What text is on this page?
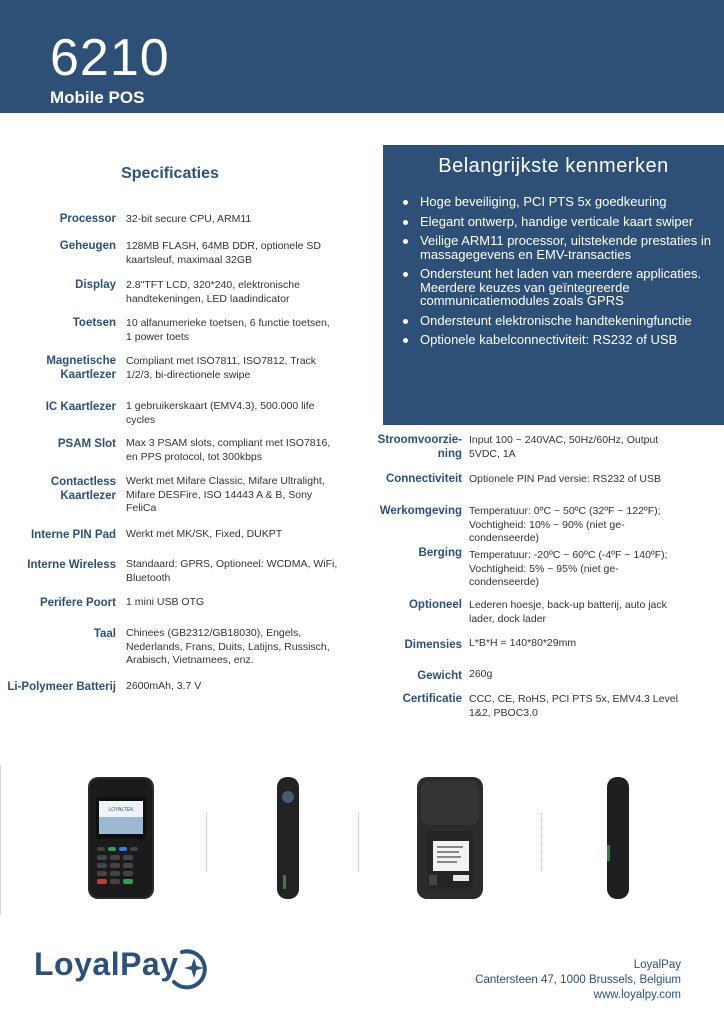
6210
Mobile POS
Specificaties
Processor 32-bit secure CPU, ARM11
Geheugen 128MB FLASH, 64MB DDR, optionele SD kaartsleuf, maximaal 32GB
Display 2.8"TFT LCD, 320*240, elektronische handtekeningen, LED laadindicator
Toetsen 10 alfanumerieke toetsen, 6 functie toetsen, 1 power toets
Magnetische Kaartlezer
Compliant met ISO7811, ISO7812, Track 1/2/3, bi-directionele swipe
IC Kaartlezer 1 gebruikerskaart (EMV4.3), 500.000 life cycles
PSAM Slot Max 3 PSAM slots, compliant met ISO7816, en PPS protocol, tot 300kbps
Contactless Kaartlezer
Werkt met Mifare Classic, Mifare Ultralight, Mifare DESFire, ISO 14443 A & B, Sony FeliCa
Interne PIN Pad Werkt met MK/SK, Fixed, DUKPT
Interne Wireless Standaard: GPRS, Optioneel: WCDMA, WiFi, Bluetooth
Perifere Poort 1 mini USB OTG
Taal Chinees (GB2312/GB18030), Engels, Nederlands, Frans, Duits, Latijns, Russisch, Arabisch, Vietnamees, enz.
Li-Polymeer Batterij 2600mAh, 3.7 V
Belangrijkste kenmerken
Hoge beveiliging, PCI PTS 5x goedkeuring
Elegant ontwerp, handige verticale kaart swiper
Veilige ARM11 processor, uitstekende prestaties in massagegevens en EMV-transacties
Ondersteunt het laden van meerdere applicaties. Meerdere keuzes van geïntegreerde communicatiemodules zoals GPRS
Ondersteunt elektronische handtekeningfunctie
Optionele kabelconnectiviteit: RS232 of USB
Stroomvoorzie-ning
Input 100 ~ 240VAC, 50Hz/60Hz, Output 5VDC, 1A
Connectiviteit Optionele PIN Pad versie: RS232 of USB
Werkomgeving Temperatuur: 0ºC ~ 50ºC (32ºF ~ 122ºF); Vochtigheid: 10% ~ 90% (niet ge-condenseerde)
Berging Temperatuur: -20ºC ~ 60ºC (-4ºF ~ 140ºF); Vochtigheid: 5% ~ 95% (niet ge-condenseerde)
Optioneel Lederen hoesje, back-up batterij, auto jack lader, dock lader
Dimensies L*B*H = 140*80*29mm
Gewicht 260g
Certificatie CCC, CE, RoHS, PCI PTS 5x, EMV4.3 Level 1&2, PBOC3.0
LOYALTEK
LoyalPay	LoyalPay
Cantersteen 47, 1000 Brussels, Belgium
www.loyalpy.com
